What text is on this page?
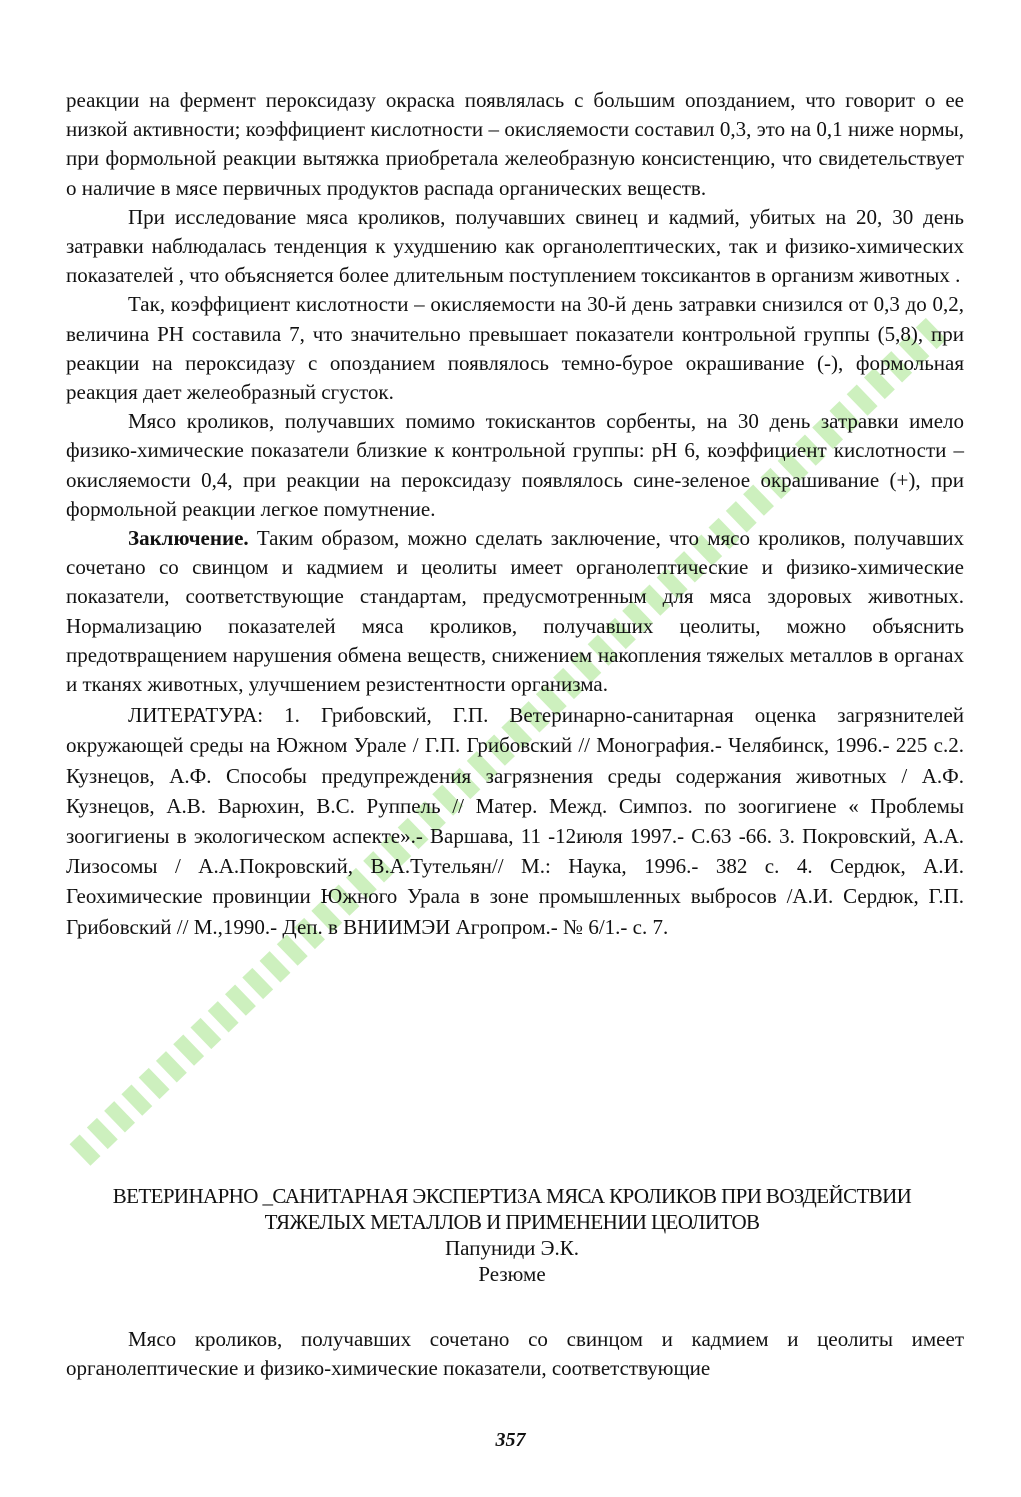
реакции на фермент пероксидазу окраска появлялась с большим опозданием, что говорит о ее низкой активности; коэффициент кислотности – окисляемости составил 0,3, это на 0,1 ниже нормы, при формольной реакции вытяжка приобретала желеобразную консистенцию, что свидетельствует о наличие в мясе первичных продуктов распада органических веществ.

При исследование мяса кроликов, получавших свинец и кадмий, убитых на 20, 30 день затравки наблюдалась тенденция к ухудшению как органолептических, так и физико-химических показателей , что объясняется более длительным поступлением токсикантов в организм животных .

Так, коэффициент кислотности – окисляемости на 30-й день затравки снизился от 0,3 до 0,2, величина РН составила 7, что значительно превышает показатели контрольной группы (5,8), при реакции на пероксидазу с опозданием появлялось темно-бурое окрашивание (-), формольная реакция дает желеобразный сгусток.

Мясо кроликов, получавших помимо токискантов сорбенты, на 30 день затравки имело физико-химические показатели близкие к контрольной группы: рН 6, коэффициент кислотности – окисляемости 0,4, при реакции на пероксидазу появлялось сине-зеленое окрашивание (+), при формольной реакции легкое помутнение.

Заключение. Таким образом, можно сделать заключение, что мясо кроликов, получавших сочетано со свинцом и кадмием и цеолиты имеет органолептические и физико-химические показатели, соответствующие стандартам, предусмотренным для мяса здоровых животных. Нормализацию показателей мяса кроликов, получавших цеолиты, можно объяснить предотвращением нарушения обмена веществ, снижением накопления тяжелых металлов в органах и тканях животных, улучшением резистентности организма.

ЛИТЕРАТУРА: 1. Грибовский, Г.П. Ветеринарно-санитарная оценка загрязнителей окружающей среды на Южном Урале / Г.П. Грибовский // Монография.- Челябинск, 1996.- 225 с.2. Кузнецов, А.Ф. Способы предупреждения загрязнения среды содержания животных / А.Ф. Кузнецов, А.В. Варюхин, В.С. Руппель // Матер. Межд. Симпоз. по зоогигиене « Проблемы зоогигиены в экологическом аспекте».- Варшава, 11 -12июля 1997.- С.63 -66. 3. Покровский, А.А. Лизосомы / А.А.Покровский, В.А.Тутельян// М.: Наука, 1996.- 382 с. 4. Сердюк, А.И. Геохимические провинции Южного Урала в зоне промышленных выбросов /А.И. Сердюк, Г.П. Грибовский // М.,1990.- Деп. в ВНИИМЭИ Агропром.- № 6/1.- с. 7.

ВЕТЕРИНАРНО _САНИТАРНАЯ ЭКСПЕРТИЗА МЯСА КРОЛИКОВ ПРИ ВОЗДЕЙСТВИИ
ТЯЖЕЛЫХ МЕТАЛЛОВ И ПРИМЕНЕНИИ ЦЕОЛИТОВ
Папуниди Э.К.
Резюме

Мясо кроликов, получавших сочетано со свинцом и кадмием и цеолиты имеет органолептические и физико-химические показатели, соответствующие

357
